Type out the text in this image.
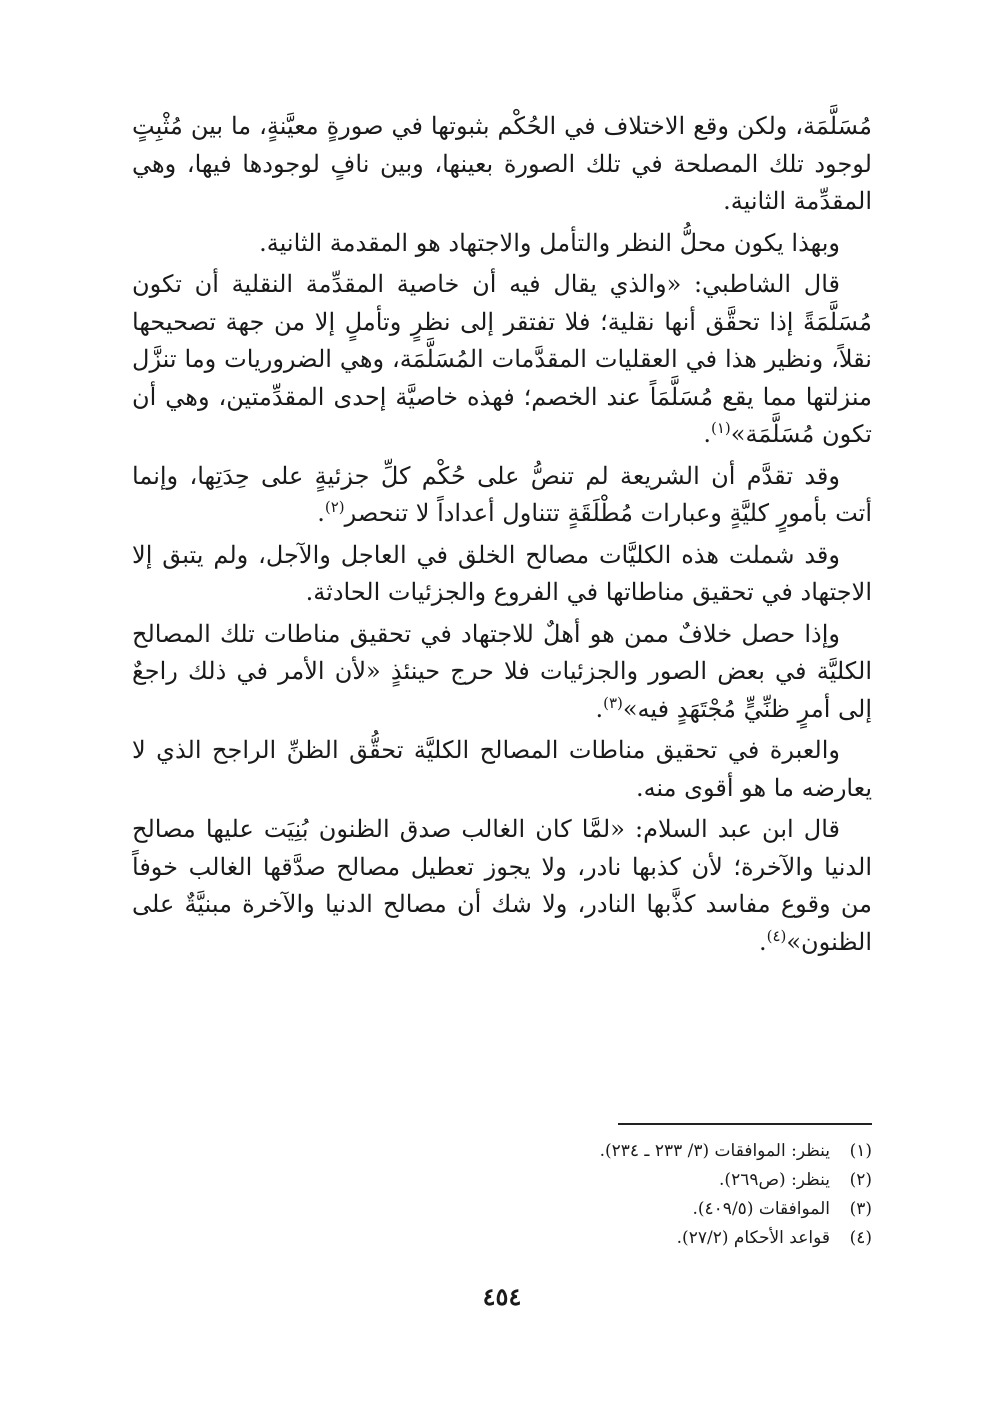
مُسَلَّمَة، ولكن وقع الاختلاف في الحُكْم بثبوتها في صورةٍ معيَّنةٍ، ما بين مُثْبِتٍ لوجود تلك المصلحة في تلك الصورة بعينها، وبين نافٍ لوجودها فيها، وهي المقدِّمة الثانية.

وبهذا يكون محلُّ النظر والتأمل والاجتهاد هو المقدمة الثانية.

قال الشاطبي: «والذي يقال فيه أن خاصية المقدِّمة النقلية أن تكون مُسَلَّمَةً إذا تحقَّق أنها نقلية؛ فلا تفتقر إلى نظرٍ وتأملٍ إلا من جهة تصحيحها نقلاً، ونظير هذا في العقليات المقدَّمات المُسَلَّمَة، وهي الضروريات وما تنزَّل منزلتها مما يقع مُسَلَّمَاً عند الخصم؛ فهذه خاصيَّة إحدى المقدِّمتين، وهي أن تكون مُسَلَّمَة»$^{(١)}$.

وقد تقدَّم أن الشريعة لم تنصُّ على حُكْم كلِّ جزئيةٍ على حِدَتِها، وإنما أتت بأمورٍ كليَّةٍ وعبارات مُطْلَقَةٍ تتناول أعداداً لا تنحصر$^{(٢)}$.

وقد شملت هذه الكليَّات مصالح الخلق في العاجل والآجل، ولم يتبق إلا الاجتهاد في تحقيق مناطاتها في الفروع والجزئيات الحادثة.

وإذا حصل خلافٌ ممن هو أهلٌ للاجتهاد في تحقيق مناطات تلك المصالح الكليَّة في بعض الصور والجزئيات فلا حرج حينئذٍ «لأن الأمر في ذلك راجعٌ إلى أمرٍ ظنِّيٍّ مُجْتَهَدٍ فيه»$^{(٣)}$.

والعبرة في تحقيق مناطات المصالح الكليَّة تحقُّق الظنِّ الراجح الذي لا يعارضه ما هو أقوى منه.

قال ابن عبد السلام: «لمَّا كان الغالب صدق الظنون بُنِيَت عليها مصالح الدنيا والآخرة؛ لأن كذبها نادر، ولا يجوز تعطيل مصالح صدَّقها الغالب خوفاً من وقوع مفاسد كذَّبها النادر، ولا شك أن مصالح الدنيا والآخرة مبنيَّةٌ على الظنون»$^{(٤)}$.

(١)
ينظر: الموافقات (٣/ ٢٣٣ ـ ٢٣٤).
(٢)
ينظر: (ص٢٦٩).
(٣)
الموافقات (٤٠٩/٥).
(٤)
قواعد الأحكام (٢٧/٢).
٤٥٤
